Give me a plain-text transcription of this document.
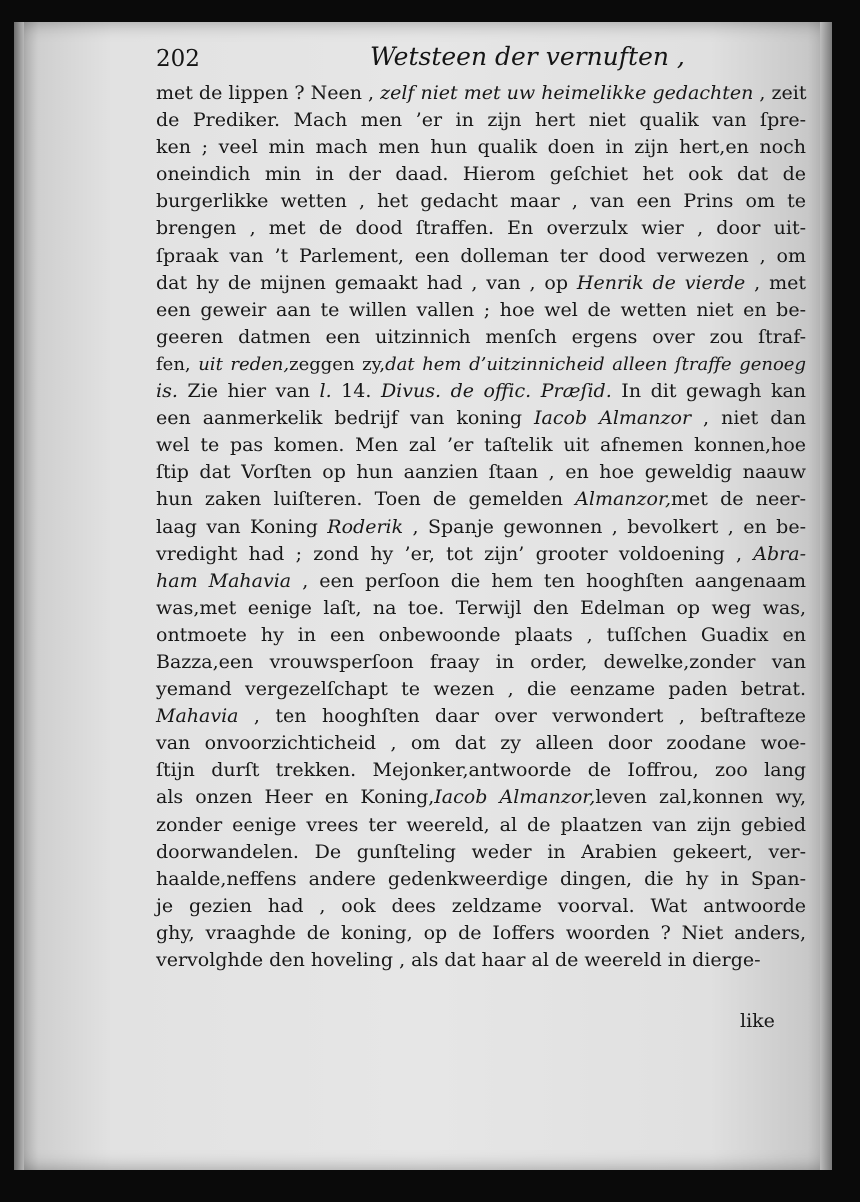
202	Wetsteen der vernuften ,
met de lippen ? Neen , zelf niet met uw heimelikke gedachten , zeit
de Prediker. Mach men ’er in zijn hert niet qualik van ſpre-
ken ; veel min mach men hun qualik doen in zijn hert,en noch
oneindich min in der daad. Hierom geſchiet het ook dat de
burgerlikke wetten , het gedacht maar , van een Prins om te
brengen , met de dood ſtraffen. En overzulx wier , door uit-
ſpraak van ’t Parlement, een dolleman ter dood verwezen , om
dat hy de mijnen gemaakt had , van , op Henrik de vierde , met
een geweir aan te willen vallen ; hoe wel de wetten niet en be-
geeren datmen een uitzinnich menſch ergens over zou ſtraf-
fen, uit reden,zeggen zy,dat hem d’uitzinnicheid alleen ſtraffe genoeg
is. Zie hier van l. 14. Divus. de offic. Præſid. In dit gewagh kan
een aanmerkelik bedrijf van koning Iacob Almanzor , niet dan
wel te pas komen. Men zal ’er taſtelik uit afnemen konnen,hoe
ſtip dat Vorſten op hun aanzien ſtaan , en hoe geweldig naauw
hun zaken luiſteren. Toen de gemelden Almanzor,met de neer-
laag van Koning Roderik , Spanje gewonnen , bevolkert , en be-
vredight had ; zond hy ’er, tot zijn’ grooter voldoening , Abra-
ham Mahavia , een perſoon die hem ten hooghſten aangenaam
was,met eenige laſt, na toe. Terwijl den Edelman op weg was,
ontmoete hy in een onbewoonde plaats , tuſſchen Guadix en
Bazza,een vrouwsperſoon fraay in order, dewelke,zonder van
yemand vergezelſchapt te wezen , die eenzame paden betrat.
Mahavia , ten hooghſten daar over verwondert , beſtrafteze
van onvoorzichticheid , om dat zy alleen door zoodane woe-
ſtijn durſt trekken. Mejonker,antwoorde de Ioffrou, zoo lang
als onzen Heer en Koning,Iacob Almanzor,leven zal,konnen wy,
zonder eenige vrees ter weereld, al de plaatzen van zijn gebied
doorwandelen. De gunſteling weder in Arabien gekeert, ver-
haalde,neffens andere gedenkweerdige dingen, die hy in Span-
je gezien had , ook dees zeldzame voorval. Wat antwoorde
ghy, vraaghde de koning, op de Ioffers woorden ? Niet anders,
vervolghde den hoveling , als dat haar al de weereld in dierge-
like
